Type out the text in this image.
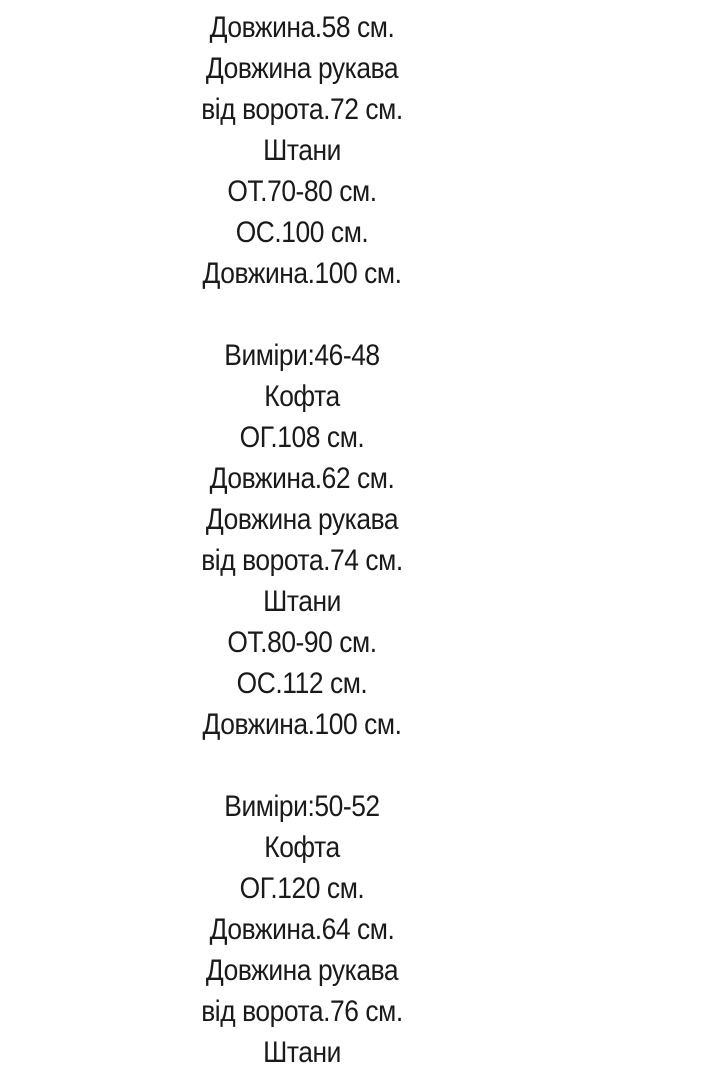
Довжина.58 см.
Довжина рукава
від ворота.72 см.
Штани
ОТ.70-80 см.
ОС.100 см.
Довжина.100 см.
Виміри:46-48
Кофта
ОГ.108 см.
Довжина.62 см.
Довжина рукава
від ворота.74 см.
Штани
ОТ.80-90 см.
ОС.112 см.
Довжина.100 см.
Виміри:50-52
Кофта
ОГ.120 см.
Довжина.64 см.
Довжина рукава
від ворота.76 см.
Штани
